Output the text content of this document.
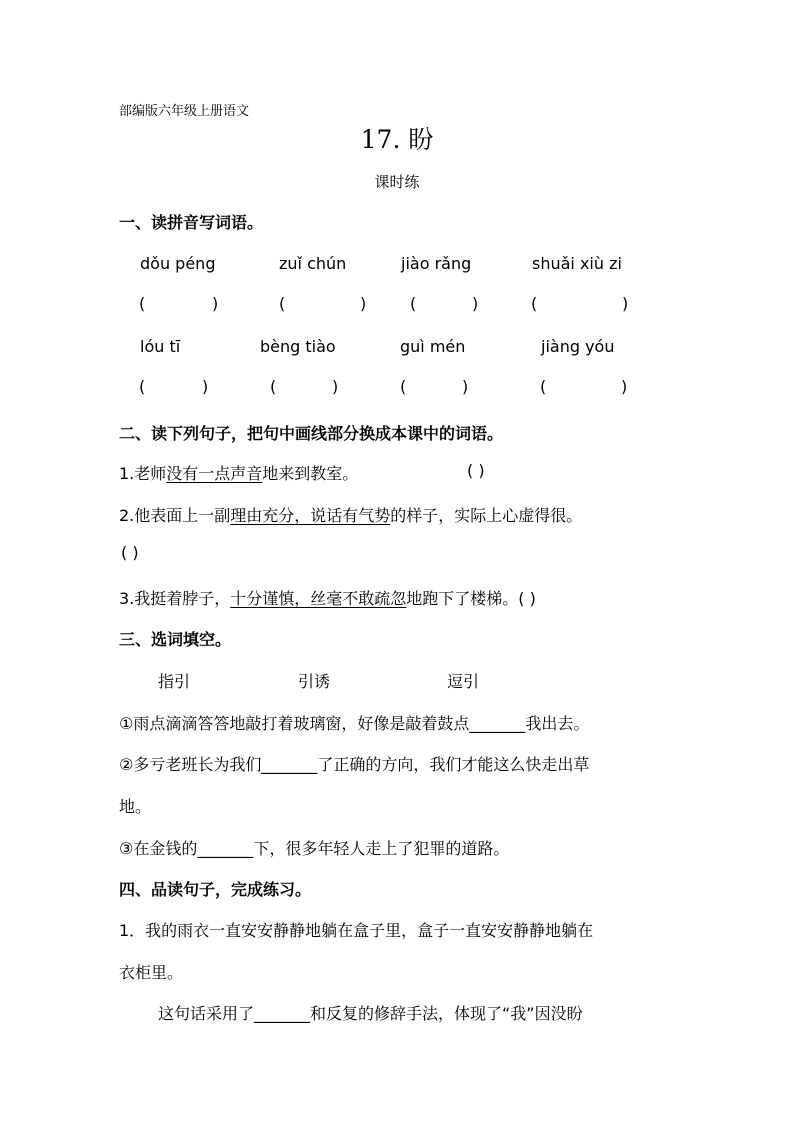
部编版六年级上册语文
17. 盼
课时练
一、读拼音写词语。
dǒu péng	zuǐ chún	jiào rǎng	shuǎi xiù zi
(	)	(	)	(	)	(	)
lóu tī	bèng tiào	guì mén	jiàng yóu
(	)	(	)	(	)	(	)
二、读下列句子，把句中画线部分换成本课中的词语。
1.老师没有一点声音地来到教室。	( )
2.他表面上一副理由充分，说话有气势的样子，实际上心虚得很。
( )
3.我挺着脖子，十分谨慎，丝毫不敢疏忽地跑下了楼梯。( )
三、选词填空。
指引	引诱	逗引
①雨点滴滴答答地敲打着玻璃窗，好像是敲着鼓点_______我出去。
②多亏老班长为我们_______了正确的方向，我们才能这么快走出草
地。
③在金钱的_______下，很多年轻人走上了犯罪的道路。
四、品读句子，完成练习。
1．我的雨衣一直安安静静地躺在盒子里，盒子一直安安静静地躺在
衣柜里。
这句话采用了_______和反复的修辞手法，体现了“我”因没盼
